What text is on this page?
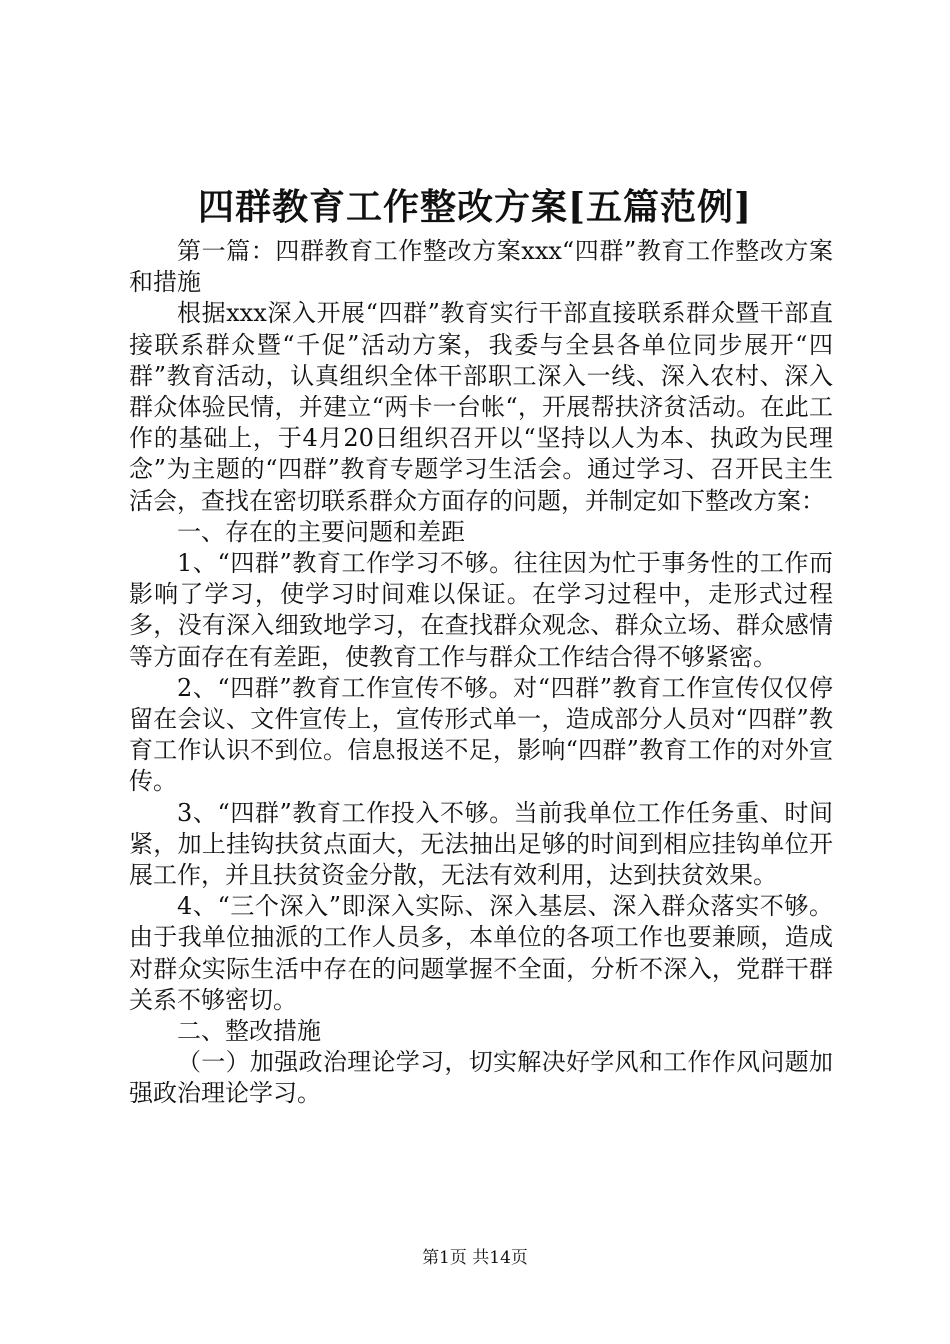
四群教育工作整改方案[五篇范例]

第一篇：四群教育工作整改方案xxx“四群”教育工作整改方案和措施

根据xxx深入开展“四群”教育实行干部直接联系群众暨干部直接联系群众暨“千促”活动方案，我委与全县各单位同步展开“四群”教育活动，认真组织全体干部职工深入一线、深入农村、深入群众体验民情，并建立“两卡一台帐“，开展帮扶济贫活动。在此工作的基础上，于4月20日组织召开以“坚持以人为本、执政为民理念”为主题的“四群”教育专题学习生活会。通过学习、召开民主生活会，查找在密切联系群众方面存的问题，并制定如下整改方案：

一、存在的主要问题和差距

1、“四群”教育工作学习不够。往往因为忙于事务性的工作而影响了学习，使学习时间难以保证。在学习过程中，走形式过程多，没有深入细致地学习，在查找群众观念、群众立场、群众感情等方面存在有差距，使教育工作与群众工作结合得不够紧密。

2、“四群”教育工作宣传不够。对“四群”教育工作宣传仅仅停留在会议、文件宣传上，宣传形式单一，造成部分人员对“四群”教育工作认识不到位。信息报送不足，影响“四群”教育工作的对外宣传。

3、“四群”教育工作投入不够。当前我单位工作任务重、时间紧，加上挂钩扶贫点面大，无法抽出足够的时间到相应挂钩单位开展工作，并且扶贫资金分散，无法有效利用，达到扶贫效果。

4、“三个深入”即深入实际、深入基层、深入群众落实不够。由于我单位抽派的工作人员多，本单位的各项工作也要兼顾，造成对群众实际生活中存在的问题掌握不全面，分析不深入，党群干群关系不够密切。

二、整改措施

（一）加强政治理论学习，切实解决好学风和工作作风问题加强政治理论学习。

第1页 共14页
